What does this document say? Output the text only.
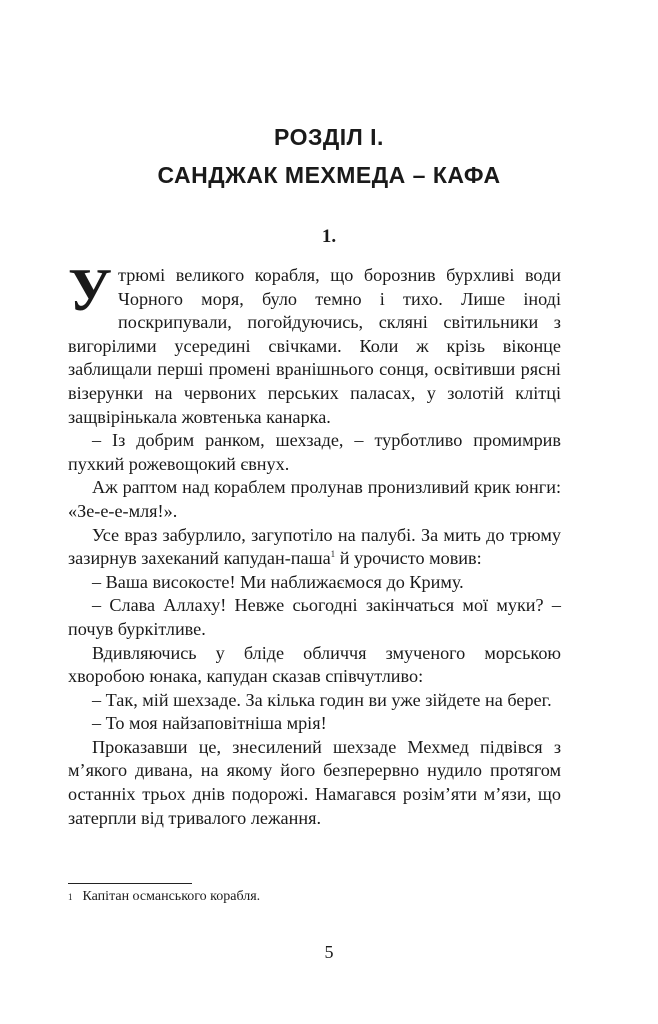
РОЗДІЛ І.
САНДЖАК МЕХМЕДА – КАФА
1.

Утрюмі великого корабля, що борознив бурхливі води Чорного моря, було темно і тихо. Лише іноді поскрипували, погойдуючись, скляні світильники з вигорілими усередині свічками. Коли ж крізь віконце заблищали перші промені вранішнього сонця, освітивши рясні візерунки на червоних перських паласах, у золотій клітці защвірінькала жовтенька канарка.

– Із добрим ранком, шехзаде, – турботливо промимрив пухкий рожевощокий євнух.

Аж раптом над кораблем пролунав пронизливий крик юнги: «Зе-е-е-мля!».

Усе враз забурлило, загупотіло на палубі. За мить до трюму зазирнув захеканий капудан-паша$^1$ й урочисто мовив:

– Ваша високосте! Ми наближаємося до Криму.

– Слава Аллаху! Невже сьогодні закінчаться мої муки? – почув буркітливе.

Вдивляючись у бліде обличчя змученого морською хворобою юнака, капудан сказав співчутливо:

– Так, мій шехзаде. За кілька годин ви уже зійдете на берег.

– То моя найзаповітніша мрія!

Проказавши це, знесилений шехзаде Мехмед підвівся з м’якого дивана, на якому його безперервно нудило протягом останніх трьох днів подорожі. Намагався розім’яти м’язи, що затерпли від тривалого лежання.

$^1$ Капітан османського корабля.
5
